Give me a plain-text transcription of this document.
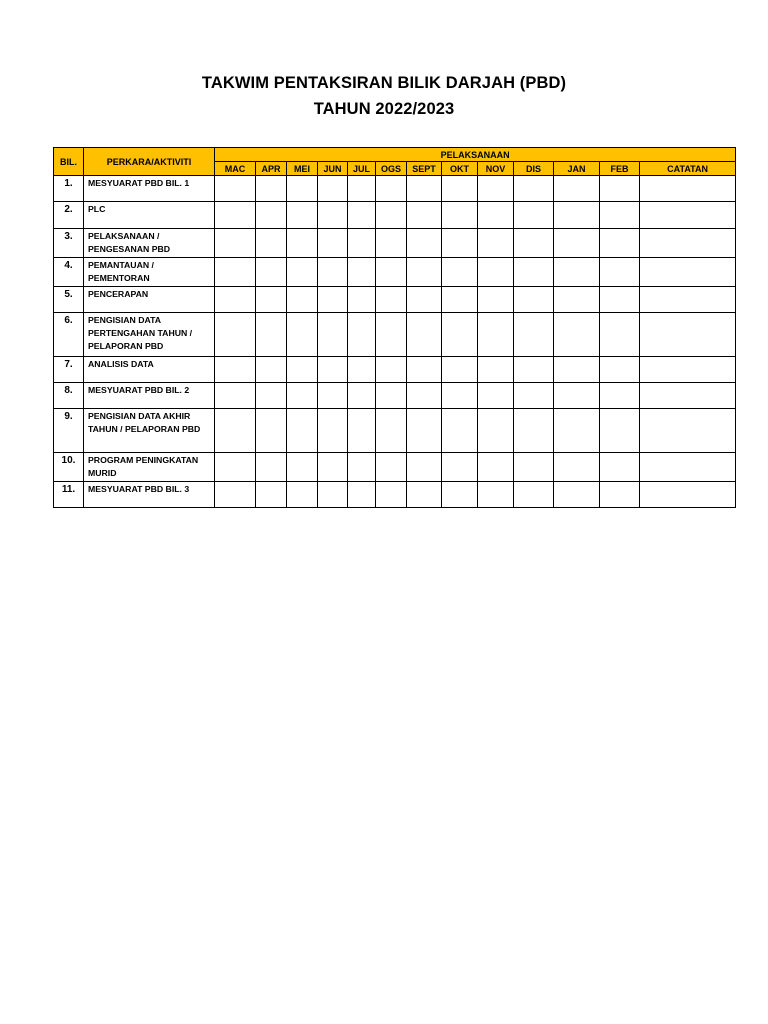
TAKWIM PENTAKSIRAN BILIK DARJAH (PBD)
TAHUN 2022/2023
BIL.	PERKARA/AKTIVITI	PELAKSANAAN												
		MAC	APR	MEI	JUN	JUL	OGS	SEPT	OKT	NOV	DIS	JAN	FEB	CATATAN
1.	MESYUARAT PBD BIL. 1													

2.	PLC													

3.	PELAKSANAAN /
PENGESANAN PBD													

4.	PEMANTAUAN /
PEMENTORAN													

5.	PENCERAPAN													

6.	PENGISIAN DATA
PERTENGAHAN TAHUN /
PELAPORAN PBD													

7.	ANALISIS DATA													

8.	MESYUARAT PBD BIL. 2													

9.	PENGISIAN DATA AKHIR
TAHUN / PELAPORAN PBD													

10.	PROGRAM PENINGKATAN
MURID													

11.	MESYUARAT PBD BIL. 3													
